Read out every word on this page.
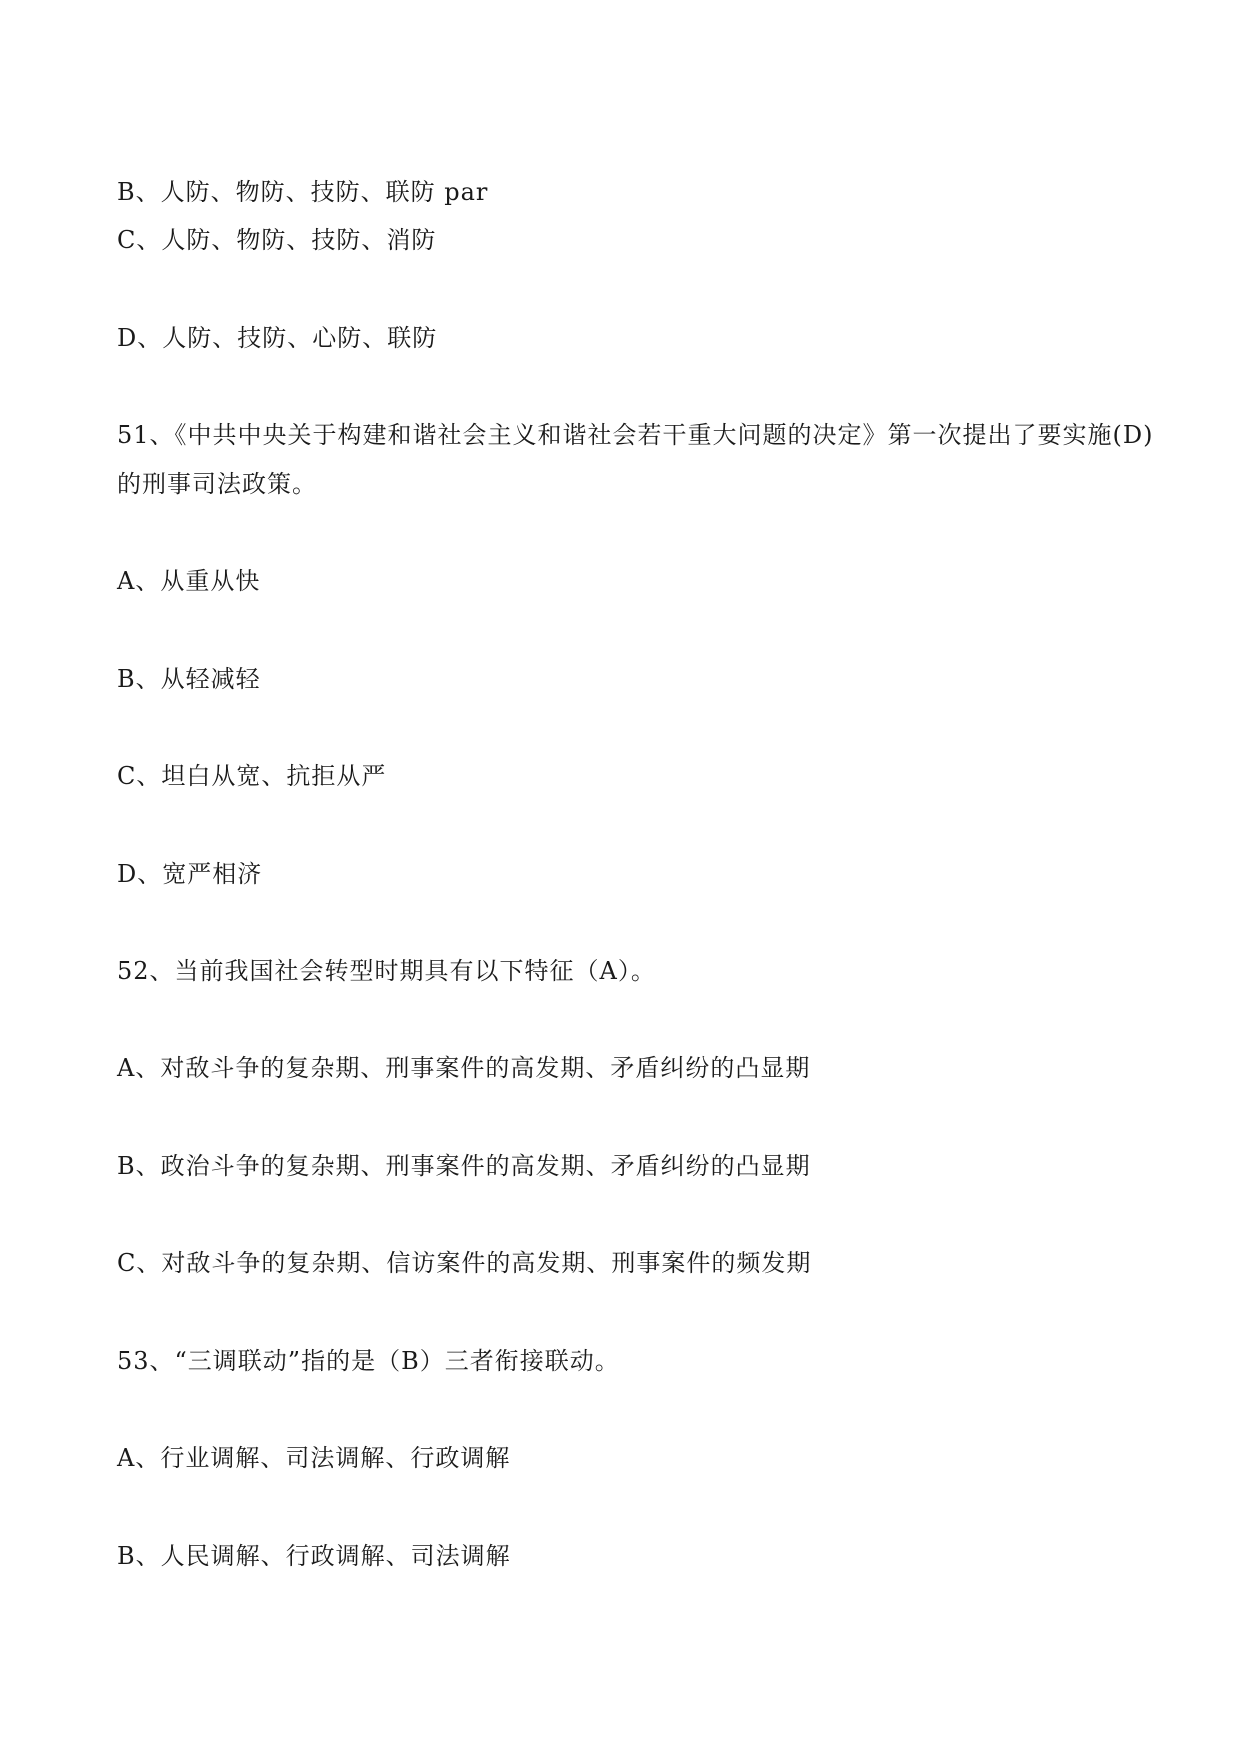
B、人防、物防、技防、联防 par
C、人防、物防、技防、消防
D、人防、技防、心防、联防
51、《中共中央关于构建和谐社会主义和谐社会若干重大问题的决定》第一次提出了要实施(D)
的刑事司法政策。
A、从重从快
B、从轻减轻
C、坦白从宽、抗拒从严
D、宽严相济
52、当前我国社会转型时期具有以下特征（A）。
A、对敌斗争的复杂期、刑事案件的高发期、矛盾纠纷的凸显期
B、政治斗争的复杂期、刑事案件的高发期、矛盾纠纷的凸显期
C、对敌斗争的复杂期、信访案件的高发期、刑事案件的频发期
53、“三调联动”指的是（B）三者衔接联动。
A、行业调解、司法调解、行政调解
B、人民调解、行政调解、司法调解
